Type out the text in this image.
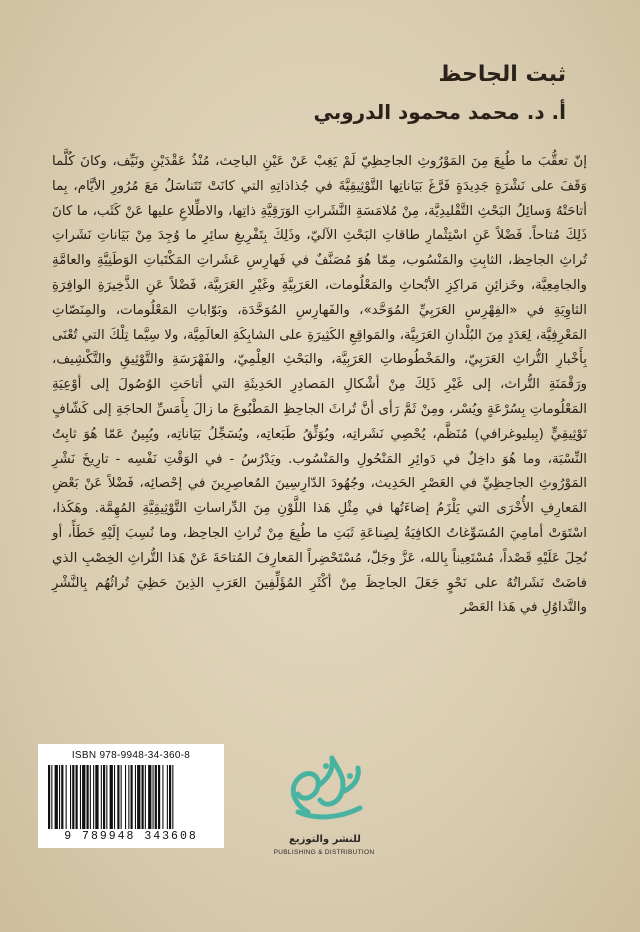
ثبت الجاحظ
أ. د. محمد محمود الدروبي

إنّ تعقُّبَ ما طُبِعَ مِنَ المَوْرُوثِ الجاحِظِيّ لَمْ يَغِبْ عَنْ عَيْنِ الباحِث، مُنْذُ عَقْدَيْنِ ونَيِّف، وكانَ كُلَّما وَقَفَ على نَشْرَةٍ جَدِيدَةٍ فَرَّغَ بَيَاناتِها التَّوْثِيقِيَّةَ في جُذاذاتِهِ التي كانَتْ تَتَناسَلُ مَعَ مُرُورِ الأيَّام، بِما أتاحَتْهُ وَسائِلُ البَحْثِ التَّقْليدِيَّة، مِنْ مُلامَسَةِ النَّشَراتِ الوَرَقِيَّةِ ذاتِها، والاطِّلاعِ عليها عَنْ كَثَب، ما كانَ ذَلِكَ مُتاحاً. فَضْلاً عَنِ اسْتِثْمارِ طاقاتِ البَحْثِ الآليّ، وذَلِكَ بِتَفْرِيغِ سائِرِ ما وُجِدَ مِنْ بَيَاناتِ نَشَراتِ تُراثِ الجاحِظ، الثابِتِ والمَنْسُوب، مِمّا هُوَ مُصَنَّفٌ في فَهارِسِ عَشَراتِ المَكْتَباتِ الوَطَنِيَّةِ والعامَّةِ والجامِعِيَّة، وخَزائِنِ مَراكِزِ الأبْحاثِ والمَعْلُومات، العَرَبِيَّةِ وغَيْرِ العَرَبِيَّة، فَضْلاً عَنِ الذَّخِيرَةِ الوافِرَةِ الثاوِيَةِ في «الفِهْرِسِ العَرَبِيِّ المُوَحَّد»، والفَهارِسِ المُوَحَّدَة، وبَوّاباتِ المَعْلُومات، والمِنَصّاتِ المَعْرِفِيَّة، لِعَدَدٍ مِنَ البُلْدانِ العَرَبِيَّة، والمَواقِعِ الكَثِيرَةِ على الشابِكَةِ العالَمِيَّة، ولا سِيَّما تِلْكَ التي تُعْنَى بِأَخْبارِ التُّراثِ العَرَبِيّ، والمَخْطُوطاتِ العَرَبِيَّة، والبَحْثِ العِلْمِيّ، والفَهْرَسَةِ والتَّوْثِيقِ والتَّكْشِيف، ورَقْمَنَةِ التُّراث، إلى غَيْرِ ذَلِكَ مِنْ أشْكالِ المَصادِرِ الحَدِيثَةِ التي أتاحَتِ الوُصُولَ إلى أوْعِيَةِ المَعْلُوماتِ بِسُرْعَةٍ ويُسْر، ومِنْ ثَمَّ رَأى أنَّ تُراثَ الجاحِظِ المَطْبُوعَ ما زالَ بِأَمَسِّ الحاجَةِ إلى كَشّافٍ تَوْثِيقِيٍّ (بِبليوغرافي) مُنَظَّم، يُحْصِي نَشَراتِه، ويُوَثِّقُ طَبَعاتِه، ويُسَجِّلُ بَيَاناتِه، ويُبِينُ عَمّا هُوَ ثابِتُ النِّسْبَة، وما هُوَ داخِلٌ في دَوائِرِ المَنْحُولِ والمَنْسُوب. ويَدْرُسُ - في الوَقْتِ نَفْسِه - تارِيخَ نَشْرِ المَوْرُوثِ الجاحِظِيِّ في العَصْرِ الحَدِيث، وجُهُودَ الدّارِسِينَ المُعاصِرِينَ في إحْصائِه، فَضْلاً عَنْ بَعْضِ المَعارِفِ الأُخْرَى التي يَلْزَمُ إضاءَتُها في مِثْلِ هَذا اللَّوْنِ مِنَ الدِّراساتِ التَّوْثِيقِيَّةِ المُهِمَّة. وهَكَذا، اسْتَوَتْ أمامِيَ المُسَوِّغاتُ الكافِيَةُ لِصِناعَةِ ثَبَتِ ما طُبِعَ مِنْ تُراثِ الجاحِظ، وما نُسِبَ إلَيْهِ خَطَأً، أو نُحِلَ عَلَيْهِ قَصْداً، مُسْتَعِيناً بِالله، عَزَّ وجَلّ، مُسْتَحْضِراً المَعارِفَ المُتاحَةَ عَنْ هَذا التُّراثِ الخِصْبِ الذي فاضَتْ نَشَراتُهُ على نَحْوٍ جَعَلَ الجاحِظَ مِنْ أكْثَرِ المُؤَلِّفِينَ العَرَبِ الذِينَ حَظِيَ تُراثُهُم بِالنَّشْرِ والتَّداوُلِ في هَذا العَصْر

ISBN 978-9948-34-360-8
9 789948 343608	للنشر والتوزيع
PUBLISHING & DISTRIBUTION
